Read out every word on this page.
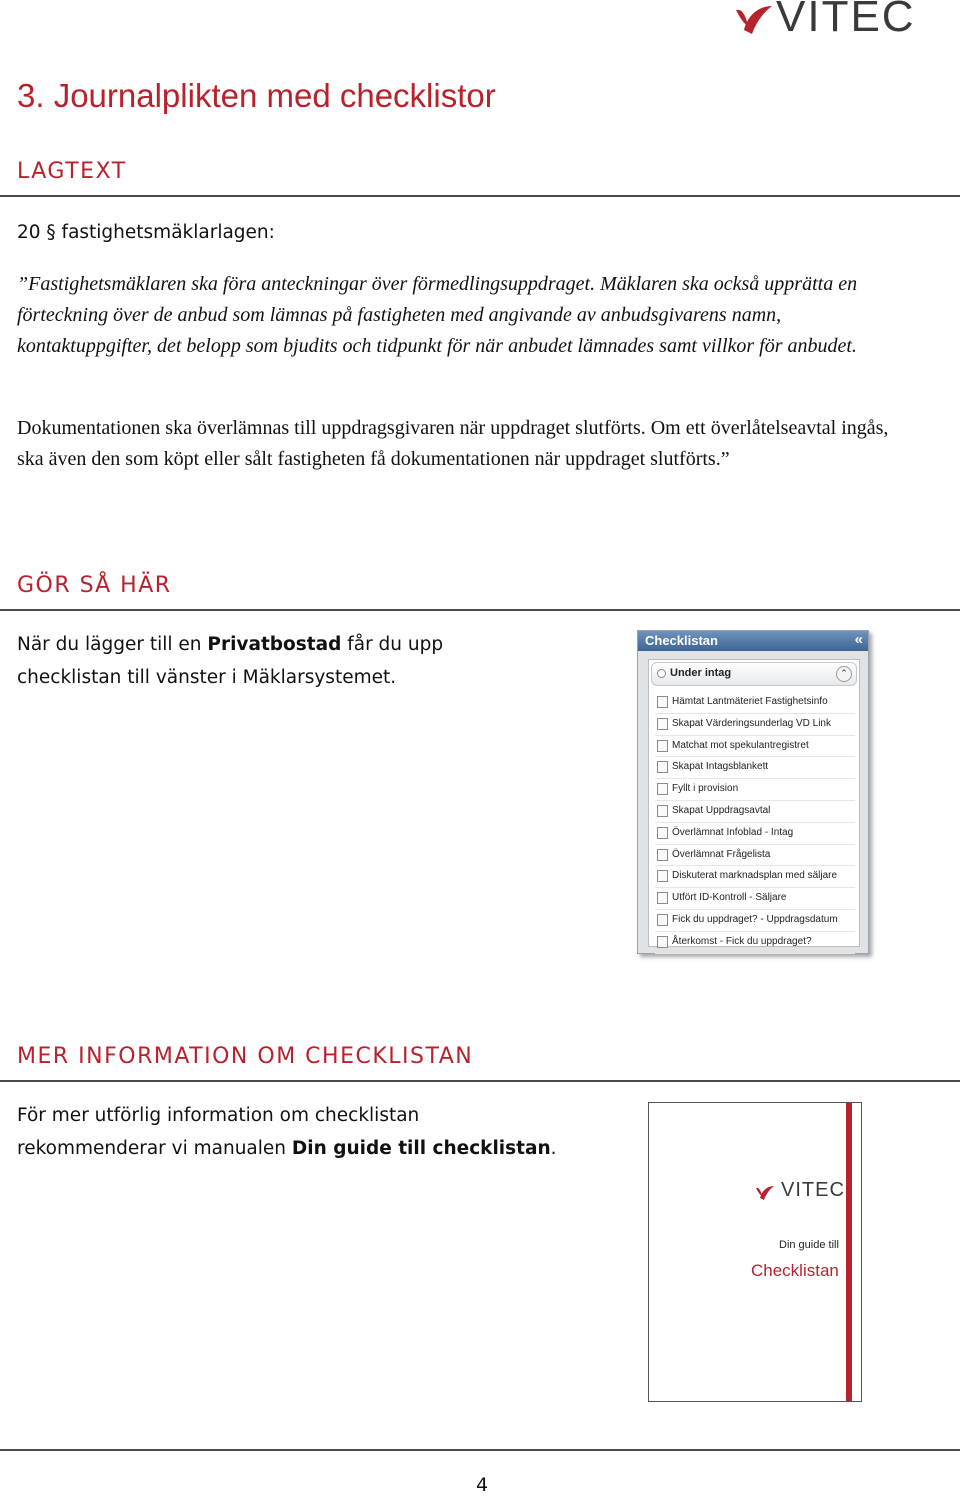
VITEC
3. Journalplikten med checklistor
LAGTEXT
20 § fastighetsmäklarlagen:
”Fastighetsmäklaren ska föra anteckningar över förmedlingsuppdraget. Mäklaren ska också upprätta en förteckning över de anbud som lämnas på fastigheten med angivande av anbudsgivarens namn, kontaktuppgifter, det belopp som bjudits och tidpunkt för när anbudet lämnades samt villkor för anbudet.
Dokumentationen ska överlämnas till uppdragsgivaren när uppdraget slutförts. Om ett överlåtelseavtal ingås, ska även den som köpt eller sålt fastigheten få dokumentationen när uppdraget slutförts.”
GÖR SÅ HÄR
När du lägger till en Privatbostad får du upp
checklistan till vänster i Mäklarsystemet.
Checklistan	«
Under intag	⌃
Hämtat Lantmäteriet Fastighetsinfo
Skapat Värderingsunderlag VD Link
Matchat mot spekulantregistret
Skapat Intagsblankett
Fyllt i provision
Skapat Uppdragsavtal
Överlämnat Infoblad - Intag
Överlämnat Frågelista
Diskuterat marknadsplan med säljare
Utfört ID-Kontroll - Säljare
Fick du uppdraget? - Uppdragsdatum
Återkomst - Fick du uppdraget?
MER INFORMATION OM CHECKLISTAN
För mer utförlig information om checklistan
rekommenderar vi manualen Din guide till checklistan.
VITEC
Din guide till
Checklistan
4
